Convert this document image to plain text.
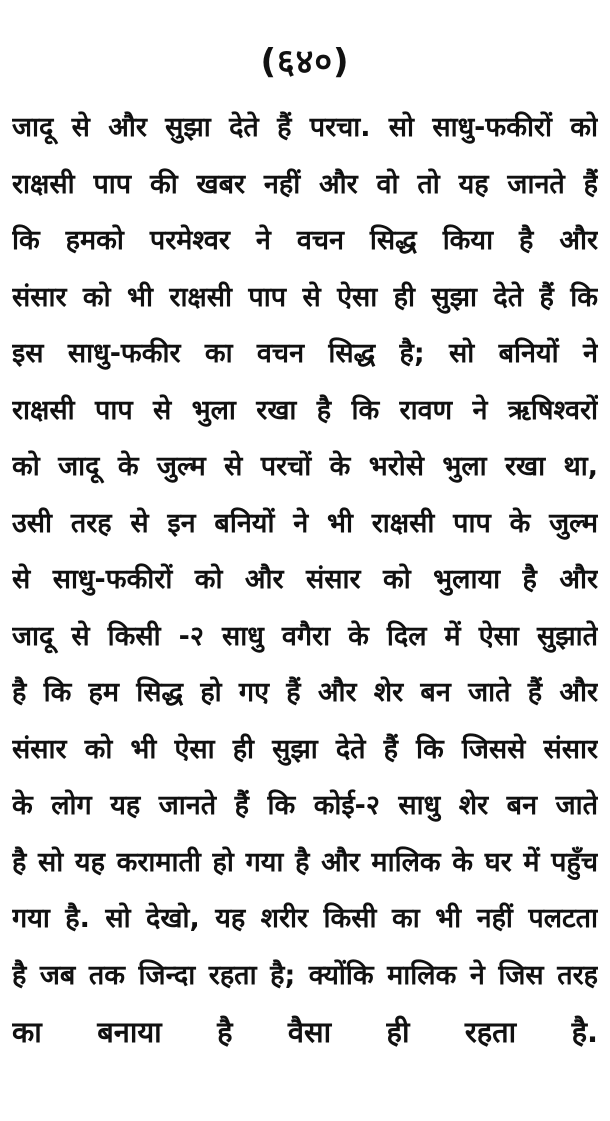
(६४०)
जादू से और सुझा देते हैं परचा. सो साधु-फकीरों को
राक्षसी पाप की खबर नहीं और वो तो यह जानते हैं
कि हमको परमेश्वर ने वचन सिद्ध किया है और
संसार को भी राक्षसी पाप से ऐसा ही सुझा देते हैं कि
इस साधु-फकीर का वचन सिद्ध है; सो बनियों ने
राक्षसी पाप से भुला रखा है कि रावण ने ऋषिश्वरों
को जादू के जुल्म से परचों के भरोसे भुला रखा था,
उसी तरह से इन बनियों ने भी राक्षसी पाप के जुल्म
से साधु-फकीरों को और संसार को भुलाया है और
जादू से किसी -२ साधु वगैरा के दिल में ऐसा सुझाते
है कि हम सिद्ध हो गए हैं और शेर बन जाते हैं और
संसार को भी ऐसा ही सुझा देते हैं कि जिससे संसार
के लोग यह जानते हैं कि कोई-२ साधु शेर बन जाते
है सो यह करामाती हो गया है और मालिक के घर में पहुँच
गया है. सो देखो, यह शरीर किसी का भी नहीं पलटता
है जब तक जिन्दा रहता है; क्योंकि मालिक ने जिस तरह
का बनाया है वैसा ही रहता है.
